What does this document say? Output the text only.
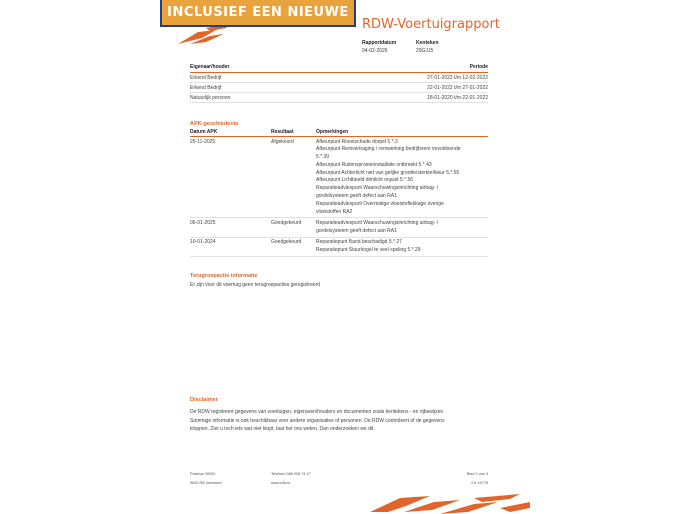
INCLUSIEF EEN NIEUWE APK
RDW-Voertuigrapport
Rapportdatum
04-02-2026
Kenteken
29GJJ5
Eigenaar/houder	Periode
Erkend Bedrijf	27-01-2022 t/m 12-02-2022
Erkend Bedrijf	22-01-2022 t/m 27-01-2022
Natuurlijk persoon	18-01-2020 t/m 22-01-2022
APK-geschiedenis
Datum APK	Resultaat	Opmerkingen
25-11-2025	Afgekeurd	Afkeurpunt Roestschade dorpel 5.*.3
Afkeurpunt Remvertraging / remwerking bedrijfsrem onvoldoende
5.*.39
Afkeurpunt Ruitensproeierinstallatie ontbreekt 5.*.43
Afkeurpunt Achterlicht niet van gelijke grootte/sterkte/kleur 5.*.55
Afkeurpunt Lichtbeeld dimlicht onjuist 5.*.56
Reparatieadviespunt Waarschuwingsinrichting airbag- /
gordelsysteem geeft defect aan RA1
Reparatieadviespunt Overmatige vloeistoflekkage overige
vloeistoffen RA2
06-01-2025	Goedgekeurd	Reparatieadviespunt Waarschuwingsinrichting airbag- /
gordelsysteem geeft defect aan RA1
10-01-2024	Goedgekeurd	Reparatiepunt Band beschadigd 5.*.27
Reparatiepunt Stuurkogel te veel speling 5.*.29
Terugroepactie informatie
Er zijn voor dit voertuig geen terugroepacties geregistreerd
Disclaimer
De RDW registreert gegevens van voertuigen, eigenaren/houders en documenten zoals kentekens - en rijbewijzen.
Sommige informatie is ook beschikbaar voor andere organisaties of personen. De RDW controleert of de gegevens
kloppen. Ziet u toch iets wat niet klopt, laat het ons weten. Dan onderzoeken we dit.
Postbus 30000
9640 RA Veendam
Telefoon 088 008 74 47
www.rdw.nl
Blad 2 van 3
2.6 16778
